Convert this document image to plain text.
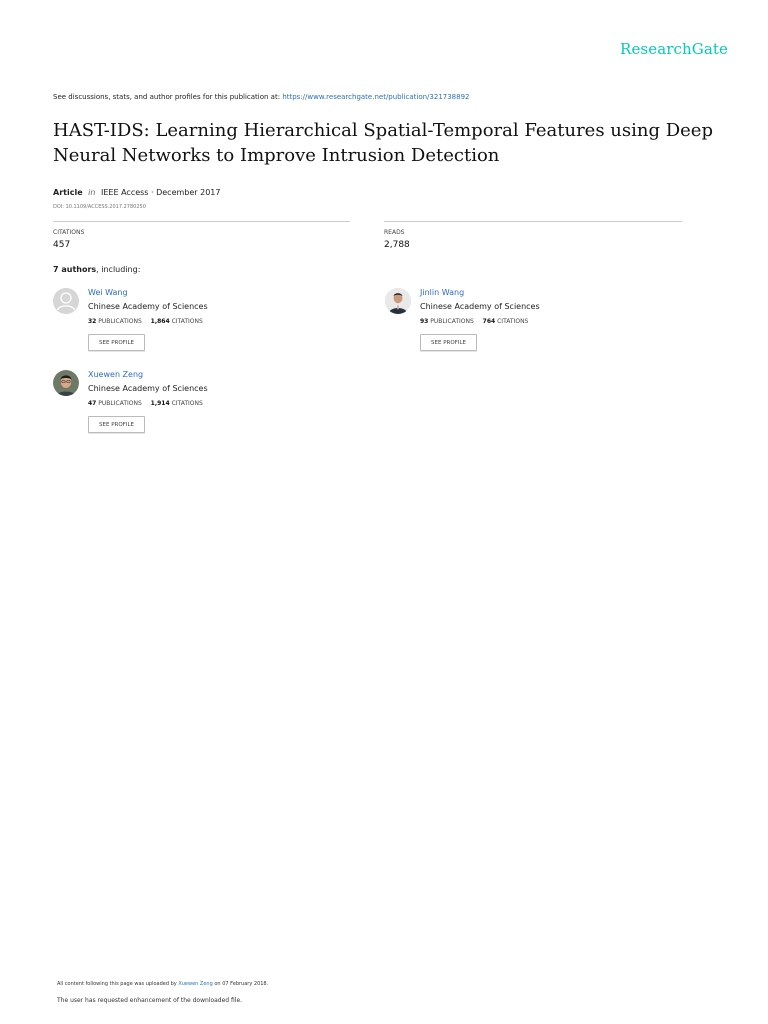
ResearchGate
See discussions, stats, and author profiles for this publication at: https://www.researchgate.net/publication/321738892
HAST-IDS: Learning Hierarchical Spatial-Temporal Features using Deep Neural Networks to Improve Intrusion Detection
Article in IEEE Access · December 2017
DOI: 10.1109/ACCESS.2017.2780250
CITATIONS
457
READS
2,788
7 authors, including:
Wei Wang
Chinese Academy of Sciences
32 PUBLICATIONS 1,864 CITATIONS
SEE PROFILE
Jinlin Wang
Chinese Academy of Sciences
93 PUBLICATIONS 764 CITATIONS
SEE PROFILE
Xuewen Zeng
Chinese Academy of Sciences
47 PUBLICATIONS 1,914 CITATIONS
SEE PROFILE
All content following this page was uploaded by Xuewen Zeng on 07 February 2018.
The user has requested enhancement of the downloaded file.
